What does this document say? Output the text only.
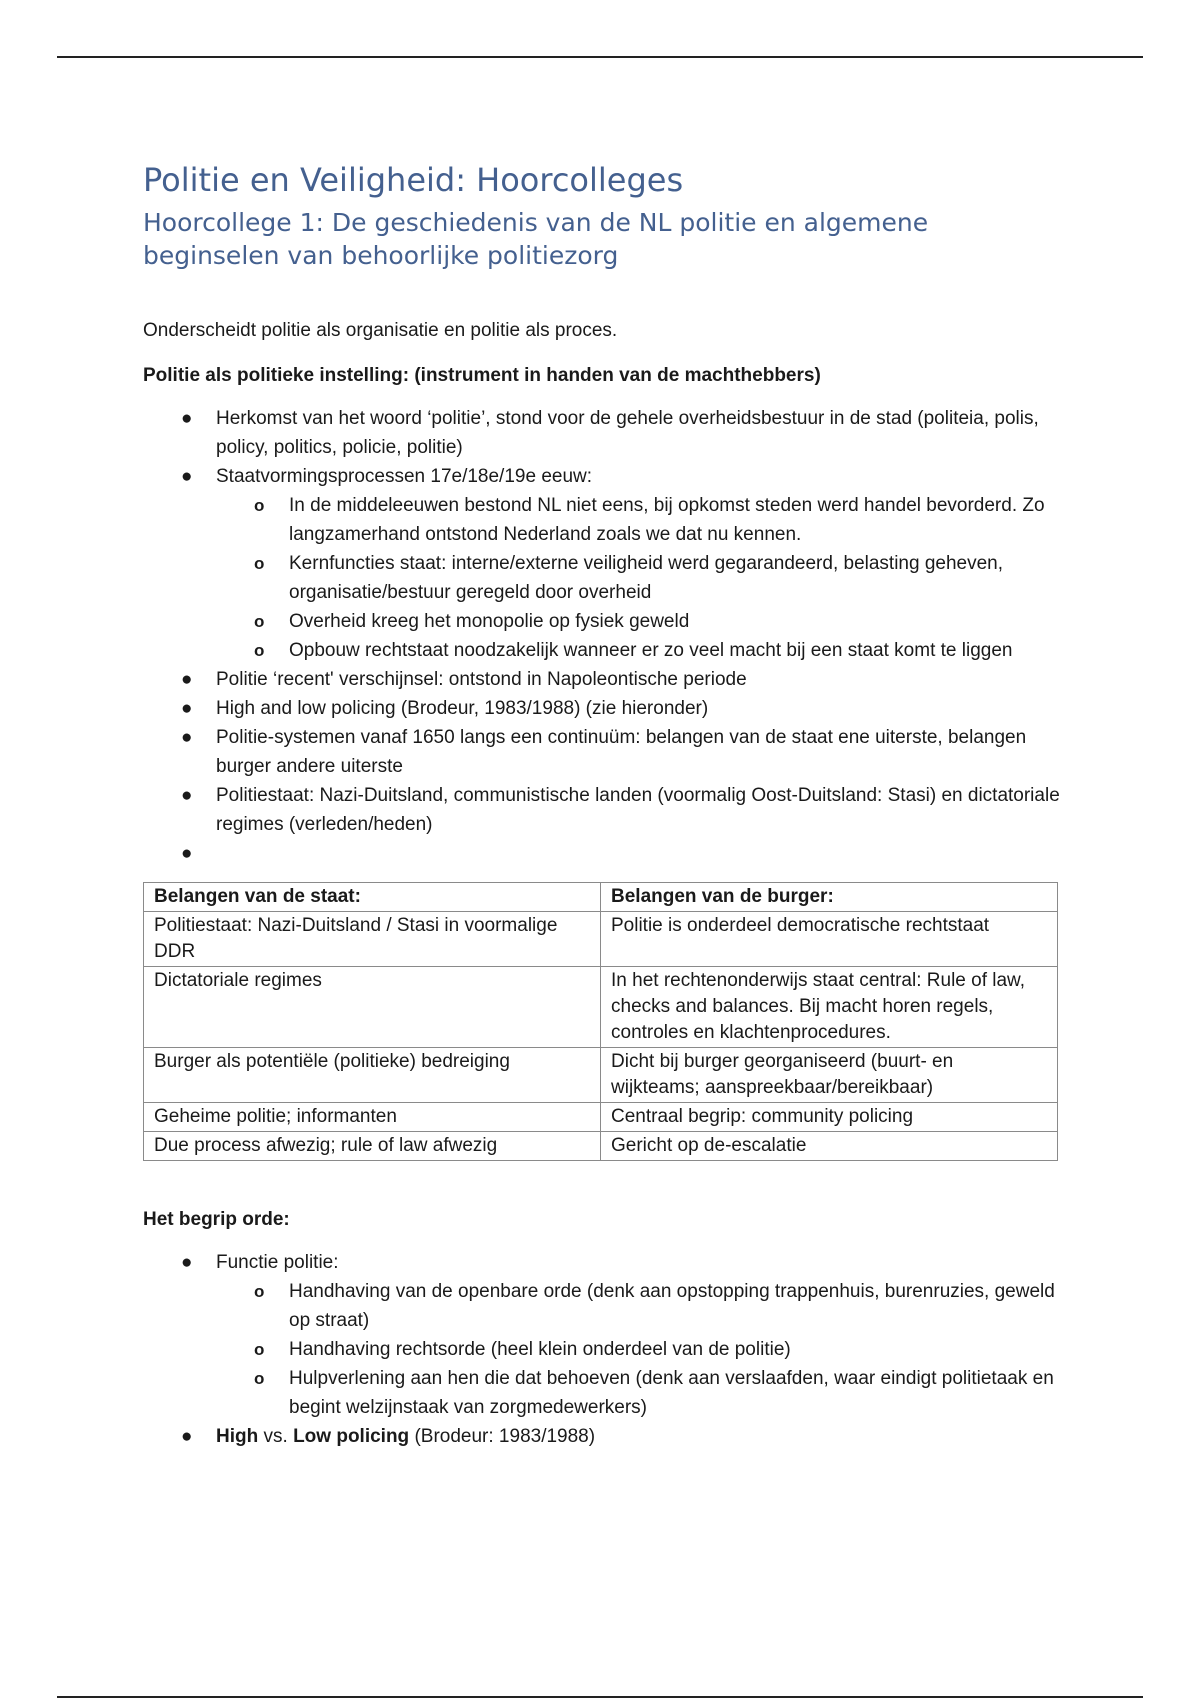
Politie en Veiligheid: Hoorcolleges
Hoorcollege 1: De geschiedenis van de NL politie en algemene beginselen van behoorlijke politiezorg

Onderscheidt politie als organisatie en politie als proces.

Politie als politieke instelling: (instrument in handen van de machthebbers)

● Herkomst van het woord ‘politie’, stond voor de gehele overheidsbestuur in de stad (politeia, polis, policy, politics, policie, politie)
● Staatvormingsprocessen 17e/18e/19e eeuw:
o In de middeleeuwen bestond NL niet eens, bij opkomst steden werd handel bevorderd. Zo langzamerhand ontstond Nederland zoals we dat nu kennen.
o Kernfuncties staat: interne/externe veiligheid werd gegarandeerd, belasting geheven, organisatie/bestuur geregeld door overheid
o Overheid kreeg het monopolie op fysiek geweld
o Opbouw rechtstaat noodzakelijk wanneer er zo veel macht bij een staat komt te liggen
● Politie ‘recent' verschijnsel: ontstond in Napoleontische periode
● High and low policing (Brodeur, 1983/1988) (zie hieronder)
● Politie-systemen vanaf 1650 langs een continuüm: belangen van de staat ene uiterste, belangen burger andere uiterste
● Politiestaat: Nazi-Duitsland, communistische landen (voormalig Oost-Duitsland: Stasi) en dictatoriale regimes (verleden/heden)
●

Belangen van de staat:	Belangen van de burger:
Politiestaat: Nazi-Duitsland / Stasi in voormalige DDR	Politie is onderdeel democratische rechtstaat
Dictatoriale regimes	In het rechtenonderwijs staat central: Rule of law, checks and balances. Bij macht horen regels, controles en klachtenprocedures.
Burger als potentiële (politieke) bedreiging	Dicht bij burger georganiseerd (buurt- en wijkteams; aanspreekbaar/bereikbaar)
Geheime politie; informanten	Centraal begrip: community policing
Due process afwezig; rule of law afwezig	Gericht op de-escalatie

Het begrip orde:

● Functie politie:
o Handhaving van de openbare orde (denk aan opstopping trappenhuis, burenruzies, geweld op straat)
o Handhaving rechtsorde (heel klein onderdeel van de politie)
o Hulpverlening aan hen die dat behoeven (denk aan verslaafden, waar eindigt politietaak en begint welzijnstaak van zorgmedewerkers)
● High vs. Low policing (Brodeur: 1983/1988)
